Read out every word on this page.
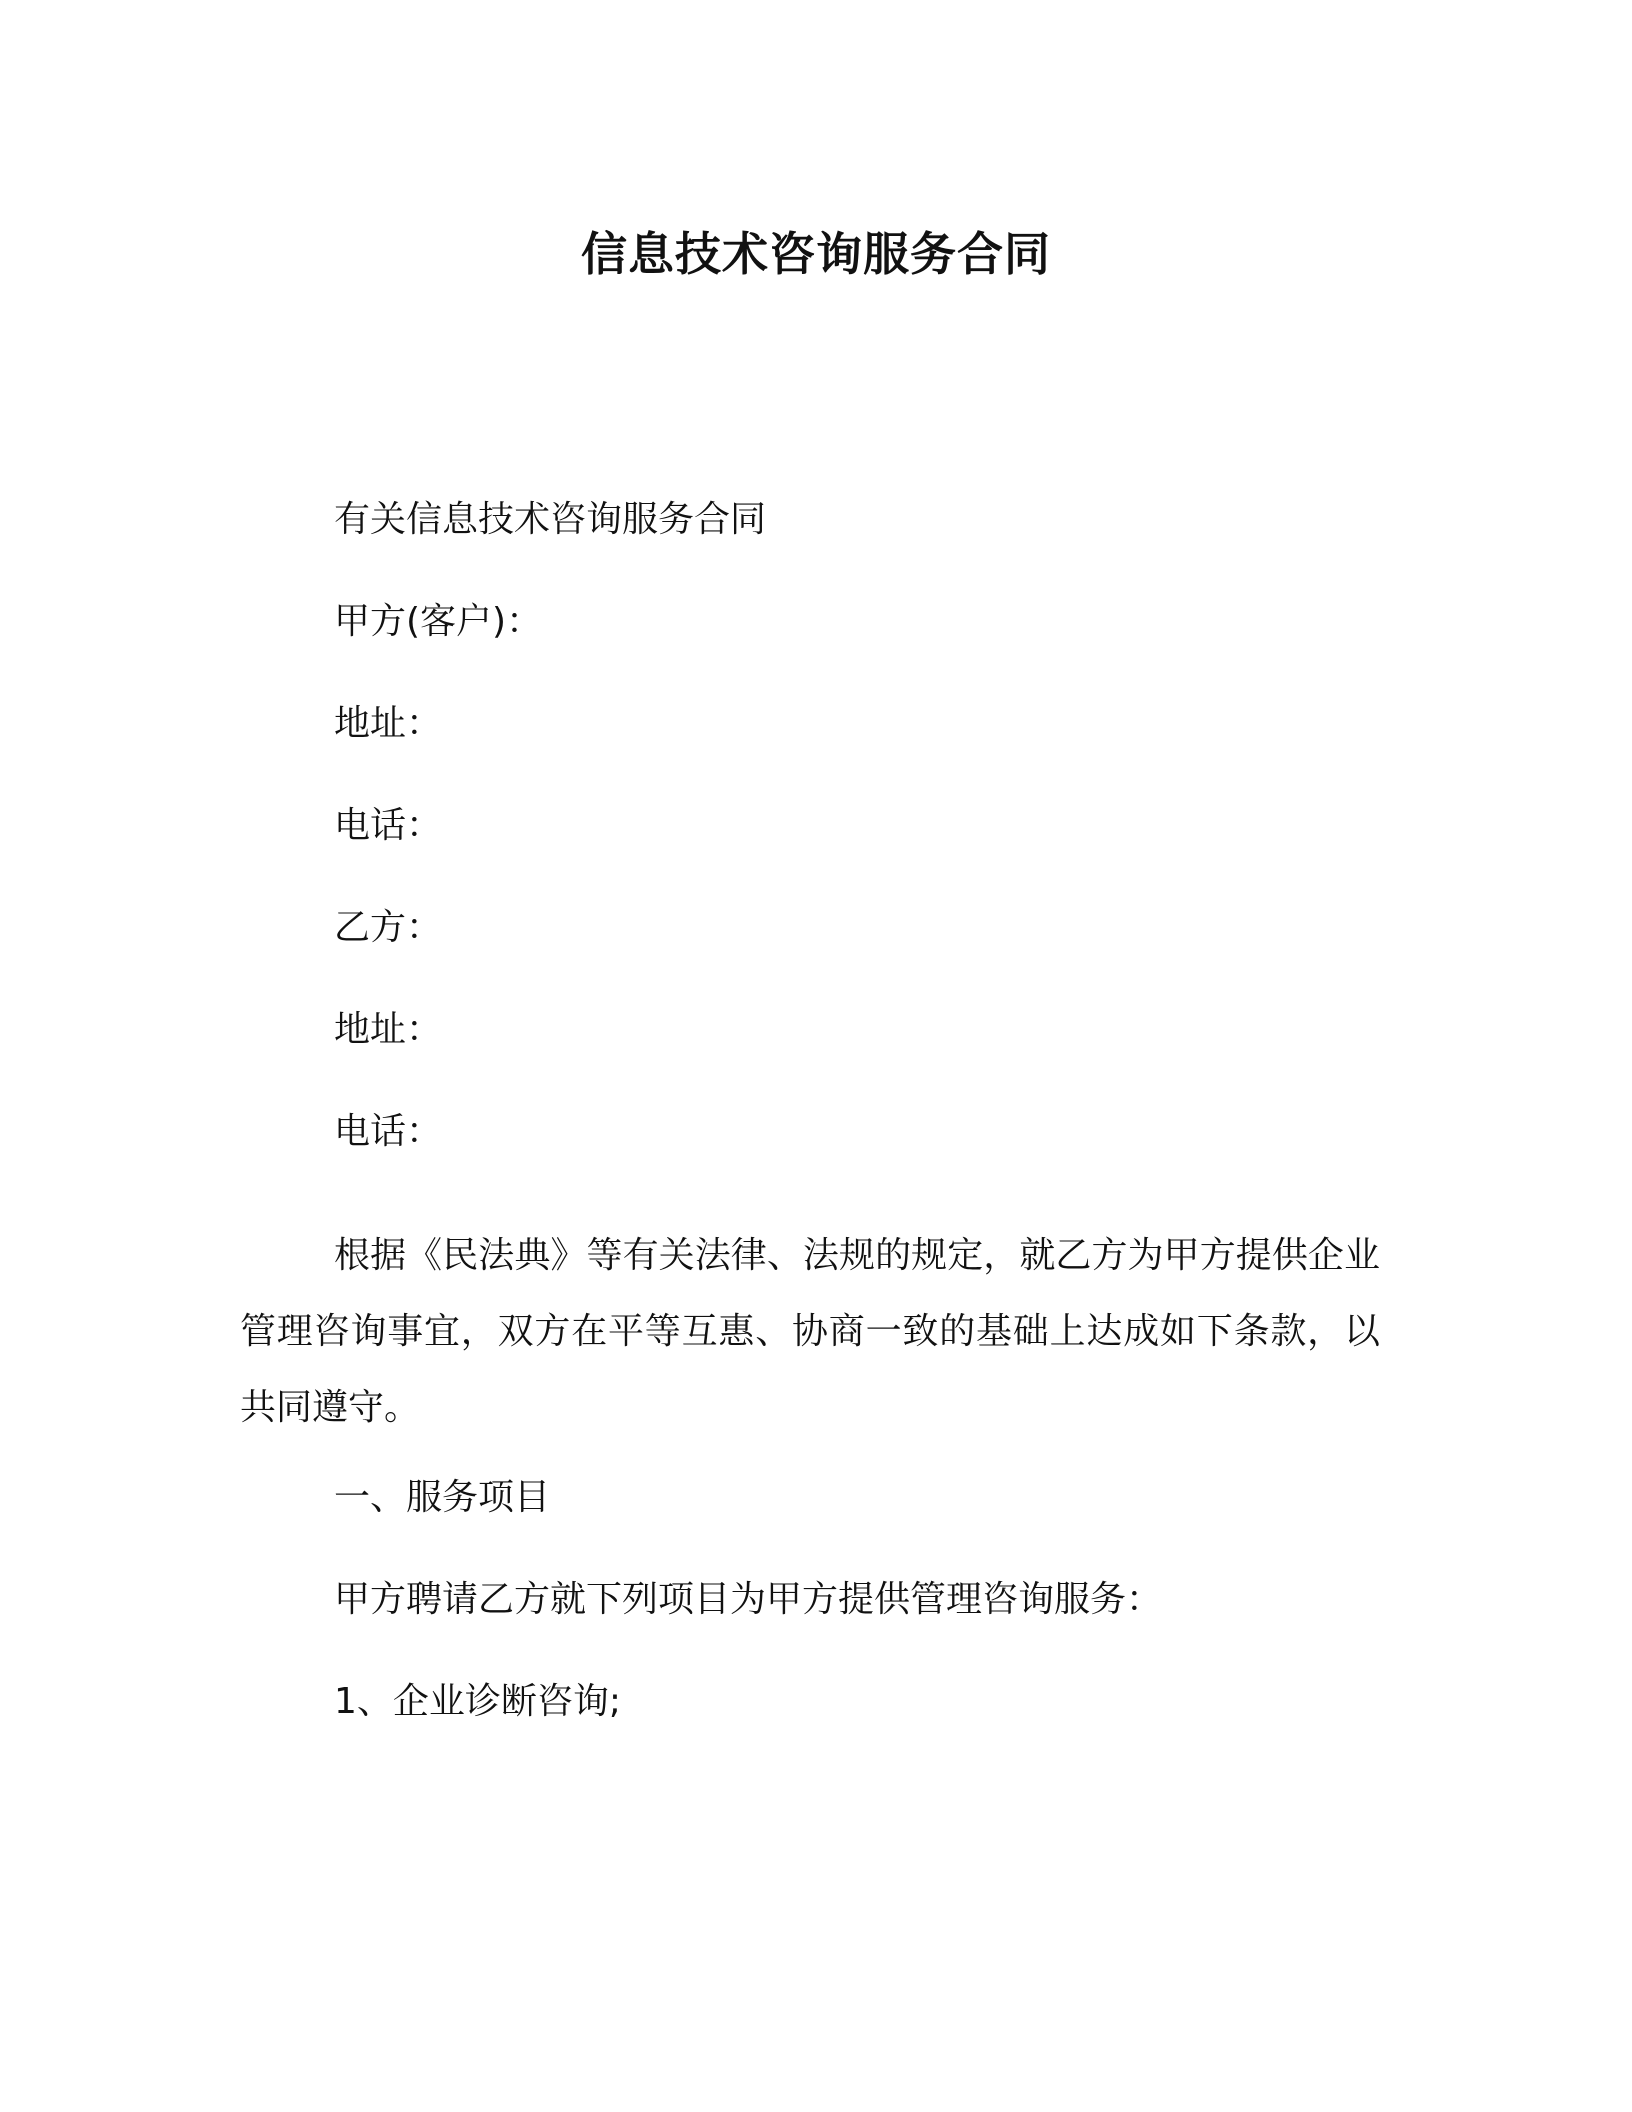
信息技术咨询服务合同
有关信息技术咨询服务合同
甲方(客户)：
地址：
电话：
乙方：
地址：
电话：
根据《民法典》等有关法律、法规的规定，就乙方为甲方提供企业管理咨询事宜，双方在平等互惠、协商一致的基础上达成如下条款，以共同遵守。
一、服务项目
甲方聘请乙方就下列项目为甲方提供管理咨询服务：
1、企业诊断咨询;
